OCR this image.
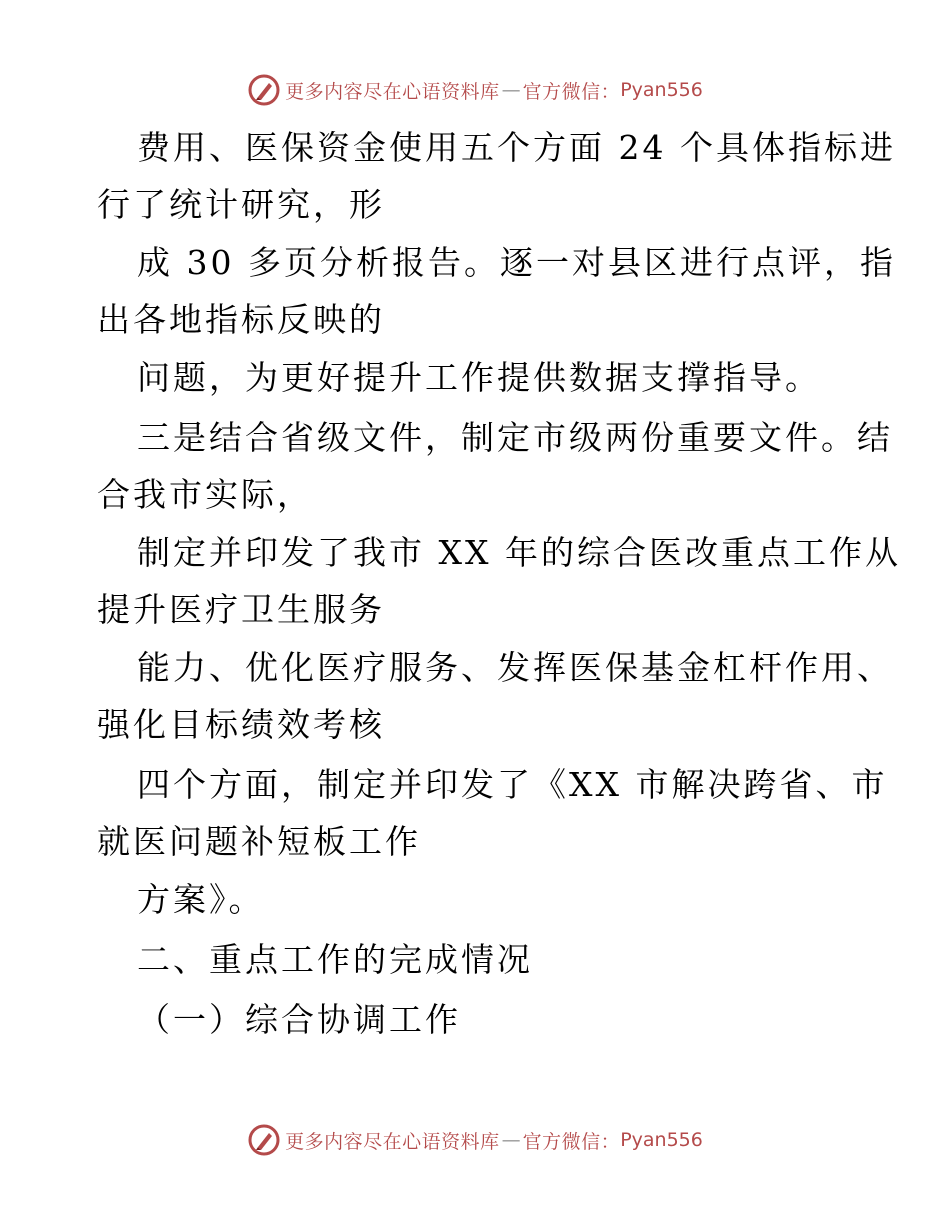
更多内容尽在心语资料库 — 官方微信： Pyan556
费用、医保资金使用五个方面 24 个具体指标进
行了统计研究，形
成 30 多页分析报告。逐一对县区进行点评，指
出各地指标反映的
问题，为更好提升工作提供数据支撑指导。
三是结合省级文件，制定市级两份重要文件。结
合我市实际，
制定并印发了我市 XX 年的综合医改重点工作从
提升医疗卫生服务
能力、优化医疗服务、发挥医保基金杠杆作用、
强化目标绩效考核
四个方面，制定并印发了《XX 市解决跨省、市
就医问题补短板工作
方案》。
二、重点工作的完成情况
（一）综合协调工作
更多内容尽在心语资料库 — 官方微信： Pyan556
